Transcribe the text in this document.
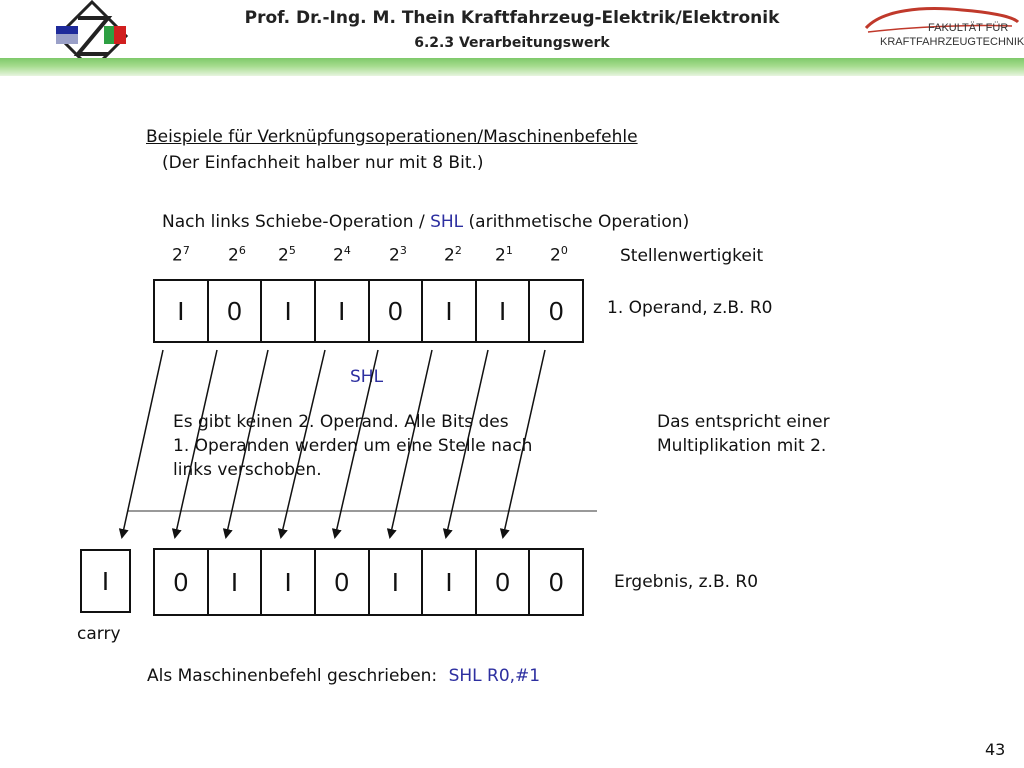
Prof. Dr.-Ing. M. Thein Kraftfahrzeug-Elektrik/Elektronik
6.2.3 Verarbeitungswerk
FAKULTÄT FÜR
KRAFTFAHRZEUGTECHNIK
Beispiele für Verknüpfungsoperationen/Maschinenbefehle
(Der Einfachheit halber nur mit 8 Bit.)
Nach links Schiebe-Operation / SHL (arithmetische Operation)
$2^7$ $2^6$ $2^5$ $2^4$ $2^3$ $2^2$ $2^1$ $2^0$	Stellenwertigkeit
I	0	I	I	0	I	I	0	1. Operand, z.B. R0
SHL
Es gibt keinen 2. Operand. Alle Bits des
1. Operanden werden um eine Stelle nach
links verschoben.
Das entspricht einer
Multiplikation mit 2.
I
carry
0	I	I	0	I	I	0	0	Ergebnis, z.B. R0
Als Maschinenbefehl geschrieben: SHL R0,#1
43
